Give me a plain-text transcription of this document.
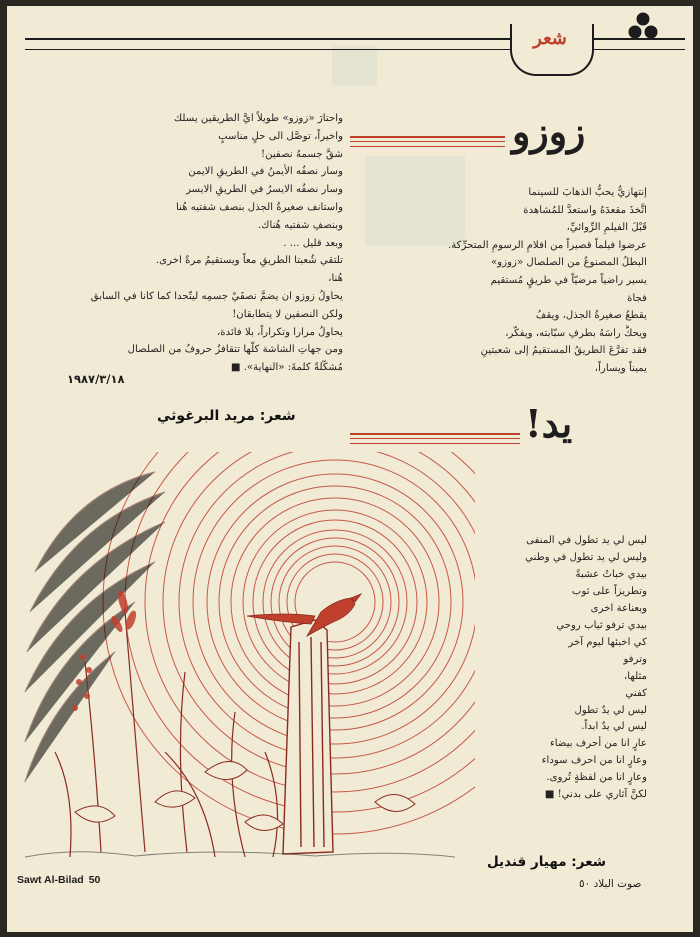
شعر
زوزو
إنتهازيٌّ يحبُّ الذهابَ للسينما
اتَّخذَ مقعدَهُ واستعدَّ للمُشاهدة
قَبْلَ الفيلمِ الرِّوائيِّ،
عرضوا فيلماً قصيراً من افلامِ الرسومِ المتحرِّكة.
البطلُ المصنوعُ من الصلصال «زوزو»
يسير راضياً مرضيّاً في طريقٍ مُستقيم
فجاة
يقطعُ صغيرةُ الجذل، ويقفُ
ويحكُّ راسَهُ بطرفِ سبّابته، ويفكّر،
فقد تفرَّعَ الطريقُ المستقيمُ إلى شعبتينِ
يميناً ويساراً،
واحتارَ «زوزو» طويلاً ايَّ الطريقين يسلك
واخيراً، توصَّل الى حلٍ مناسبٍ
شقَّ جسمهُ نصفين!
وسار نصفُه الأيمنُ في الطريقِ الايمن
وسار نصفُه الايسرُ في الطريقِ الايسر
واستانف صغيرةُ الجذل بنصف شفتيه هُنا
وبنصفِ شفتيه هُناك.
وبعد قليل ... .
تلتقي شُعبتا الطريقِ معاً ويستقيمُ مرةً اخرى.
هُنا،
يحاولُ زوزو ان يضمَّ نصفَيْ جسمِه ليتّحدا كما كانا في السابق
ولكن النصفين لا يتطابقان!
يحاولُ مرارا وتكراراً، بلا فائدة،
ومن جهاتِ الشاشة كلّها تتقافزُ حروفُ من الصلصال
مُشكّلةً كلمةَ: «النهاية». ■
١٩٨٧/٣/١٨
شعر: مريد البرغوثي	يد!
ليس لي يد تطول في المنفى
وليس لي يد تطول في وطني
بيدي خباتُ عشبةً
وتطريزاً على ثوب
وبعناعة اخرى
بيدي ترفو ثياب روحي
كي اخبئها ليوم آخر
وترفو
مثلها،
كفني
ليس لي يدٌ تطول
ليس لي يدٌ ابداً.
عارٍ انا من أحرف بيضاء
وعارٍ انا من احرف سوداء
وعارٍ انا من لفظةٍ تُروى.
لكنَّ آثاري على بدني! ■
شعر: مهيار قنديل
Sawt Al-Bilad 50	صوت البلاد ٥٠
